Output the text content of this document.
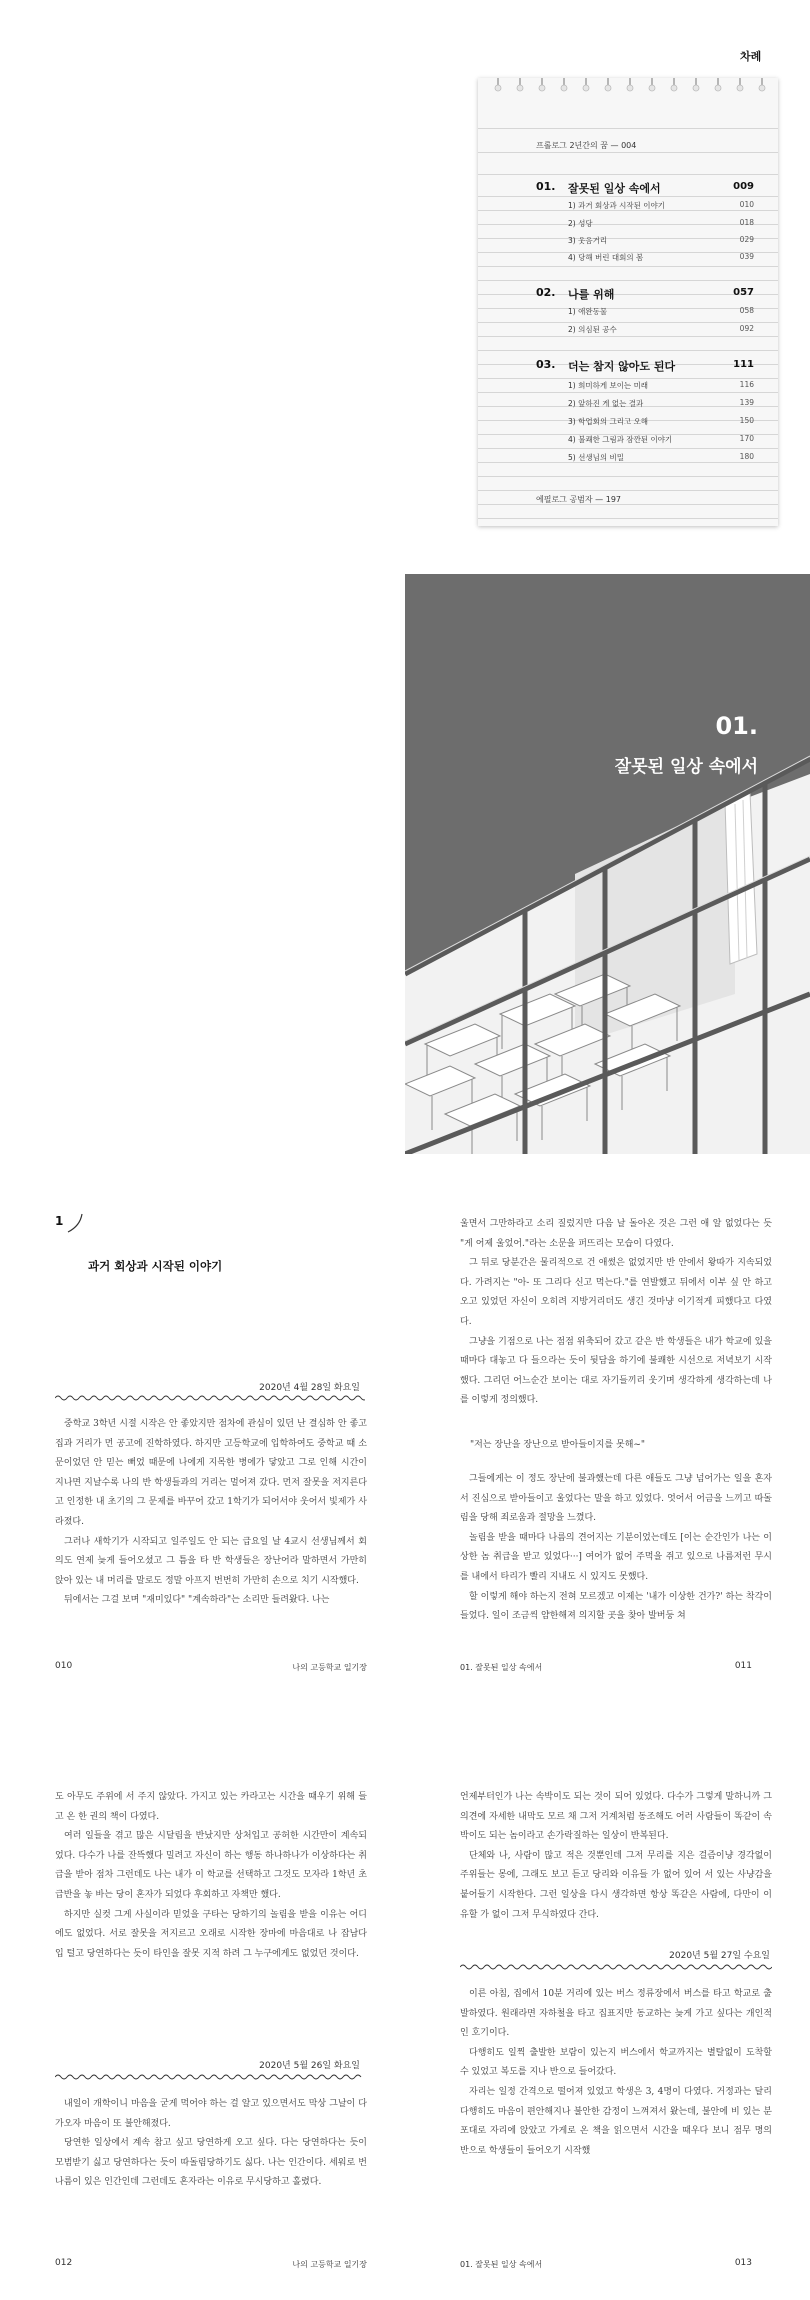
차례
프롤로그 2년간의 꿈 — 004
01. 잘못된 일상 속에서	009
1) 과거 회상과 시작된 이야기	010
2) 성당	018
3) 웃음거리	029
4) 당해 버린 대회의 봄	039
02. 나를 위해	057
1) 애완동물	058
2) 의심된 공수	092
03. 더는 참지 않아도 된다	111
1) 희미하게 보이는 미래	116
2) 앞하진 게 없는 결과	139
3) 학업회의 그리고 오해	150
4) 불쾌한 그림과 잠깐된 이야기	170
5) 선생님의 비밀	180
에필로그 공범자 — 197
01.
잘못된 일상 속에서
1
과거 회상과 시작된 이야기
2020년 4월 28일 화요일

중학교 3학년 시절 시작은 안 좋았지만 점차에 관심이 있던 난 결심하 안 좋고 집과 거리가 먼 공고에 진학하였다. 하지만 고등학교에 입학하여도 중학교 때 소문이었던 안 믿는 뻐었 때문에 나에게 지목한 병에가 닿았고 그로 인해 시간이 지나면 지날수록 나의 반 학생들과의 거리는 멀어져 갔다. 먼저 잘못을 저지른다고 인정한 내 초기의 그 문제를 바꾸어 갔고 1학기가 되어서야 웃어서 빛제가 사라졌다.

그러나 새학기가 시작되고 일주일도 안 되는 급요일 날 4교시 선생님께서 회의도 연제 늦게 들어오셨고 그 틈을 타 반 학생들은 장난어라 말하면서 가만히 앉아 있는 내 머리를 말로도 정말 아프지 번번히 가만히 손으로 치기 시작했다.

뒤에서는 그걸 보며 "재미있다" "계속하라"는 소리만 들려왔다. 나는

010	나의 고등학교 일기장

울면서 그만하라고 소리 질렀지만 다음 날 돌아온 것은 그런 애 알 없었다는 듯 "게 어제 울었어."라는 소문을 퍼뜨리는 모습이 다였다.

그 뒤로 당분간은 물리적으로 건 애썼은 없었지만 반 안에서 왕따가 지속되었다. 가려지는 "아- 또 그리다 신고 먹는다."를 연발했고 뒤에서 이부 싶 안 하고 오고 있었던 자신이 오히려 지방거리더도 생긴 것마냥 이기적게 피했다고 다였다.

그냥을 기점으로 나는 점점 위축되어 갔고 같은 반 학생들은 내가 학교에 있을 때마다 대놓고 다 들으라는 듯이 뒷담을 하기에 불쾌한 시선으로 저녁보기 시작했다. 그리던 어느순간 보이는 대로 자기들끼리 웃기며 생각하게 생각하는데 나를 이렇게 정의했다.

"저는 장난을 장난으로 받아들이지를 못해~"

그들에게는 이 정도 장난에 불과했는데 다른 애들도 그냥 넘어가는 일을 혼자서 진심으로 받아들이고 울었다는 말을 하고 있었다. 엇어서 어금을 느끼고 따돌림을 당해 죄로움과 절망을 느꼈다.

놀림을 받을 때마다 나름의 견어지는 기분이었는데도 [이는 순간인가 나는 이상한 놈 취급을 받고 있었다···] 여어가 없어 주먹을 쥐고 있으로 나름저런 무시를 내에서 타리가 빨리 지내도 시 있지도 못했다.

할 이렇게 해야 하는지 전혀 모르겠고 이제는 '내가 이상한 건가?' 하는 착각이 들었다. 일이 조금씩 얌한해져 의지할 곳을 찾아 발버둥 쳐

01. 잘못된 일상 속에서	011

도 아무도 주위에 서 주지 않았다. 가지고 있는 카라고는 시간을 때우기 위해 들고 온 한 권의 책이 다였다.

여러 일들을 겪고 많은 시달림을 반났지만 상처입고 공허한 시간만이 계속되었다. 다수가 나를 잔뜩했다 밀려고 자신이 하는 행동 하나하나가 이상하다는 취급을 받아 점차 그런데도 나는 내가 이 학교를 선택하고 그것도 모자라 1학년 초 급반을 놓 바는 당이 혼자가 되었다 후회하고 자책만 했다.

하지만 실컷 그게 사실이라 믿었을 구타는 당하기의 놀림을 받을 이유는 어디에도 없었다. 서로 잘못을 저지르고 오래로 시작한 장마에 마음대로 나 잡남다 입 털고 당연하다는 듯이 타인을 잘못 지적 하려 그 누구에게도 없었던 것이다.

2020년 5월 26일 화요일

내일이 개학이니 마음을 굳게 먹어야 하는 걸 알고 있으면서도 막상 그날이 다가오자 마음이 또 불안해졌다.

당연한 일상에서 계속 참고 싶고 당연하게 오고 싶다. 다는 당연하다는 듯이 모범받기 싫고 당연하다는 듯이 따돌림당하기도 싫다. 나는 인간이다. 세워로 번 나름이 있은 인간인데 그런데도 혼자라는 이유로 무시당하고 홀렸다.

012	나의 고등학교 일기장

언제부터인가 나는 속박이도 되는 것이 되어 있었다. 다수가 그렇게 말하니까 그 의견에 자세한 내막도 모르 채 그저 거계처럼 동조해도 어러 사람들이 똑같이 속박이도 되는 놈이라고 손가락질하는 일상이 반복된다.

단체와 나, 사람이 많고 적은 것뿐인데 그저 무리를 지은 걸즘이냥 경각없이 주위들는 몽에, 그래도 보고 듣고 당리와 이유들 가 없어 있어 서 있는 사냥감을 붙어들기 시작한다. 그런 일상을 다시 생각하면 항상 똑같은 사람에, 다만이 이유할 가 없이 그저 무식하였다 간다.

2020년 5월 27일 수요일

이른 아침, 집에서 10분 거리에 있는 버스 정류장에서 버스를 타고 학교로 출발하였다. 원래라면 자하철을 타고 집표지만 동교하는 늦게 가고 싶다는 개인적인 호기이다.

다행히도 일찍 출발한 보람이 있는지 버스에서 학교까지는 별탈없이 도착할 수 있었고 복도를 지나 반으로 들어갔다.

자리는 일정 간격으로 떨어져 있었고 학생은 3, 4명이 다였다. 거정과는 달리 다행히도 마음이 편안해지나 불안한 감정이 느껴져서 왔는데, 불안에 비 있는 분포대로 자리에 앉았고 가게로 온 책을 읽으면서 시간을 때우다 보니 점무 명의 반으로 학생들이 들어오기 시작했

01. 잘못된 일상 속에서	013
